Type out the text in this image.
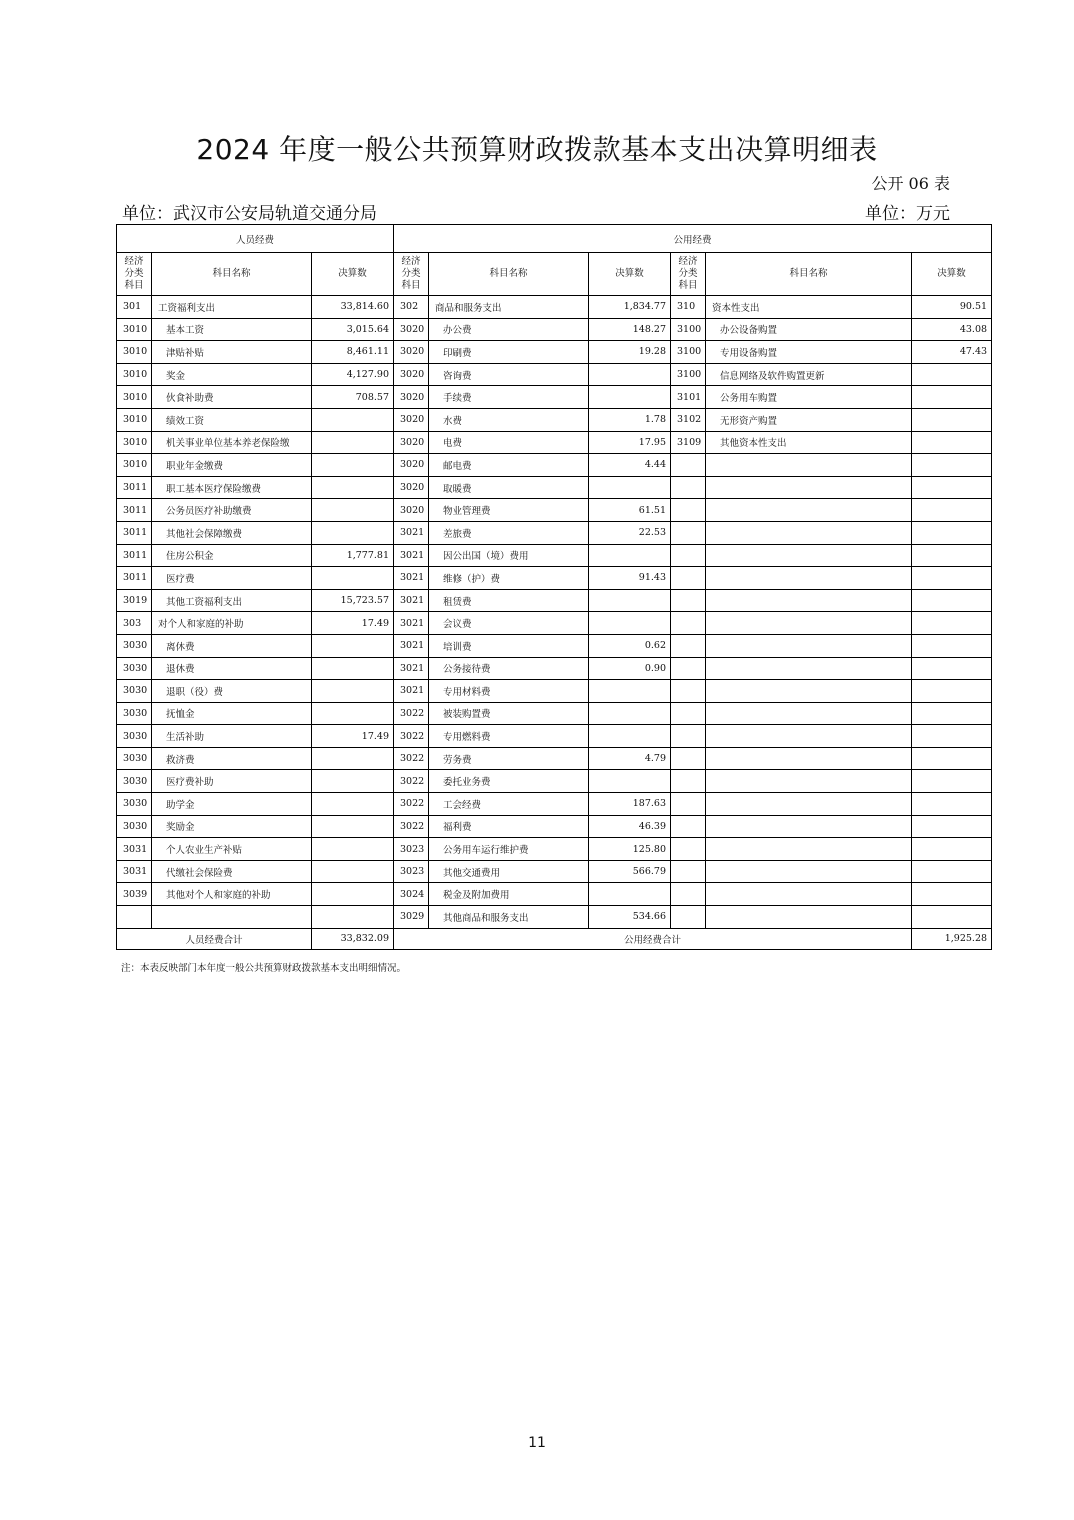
2024 年度一般公共预算财政拨款基本支出决算明细表
公开 06 表
单位：武汉市公安局轨道交通分局	单位：万元
人员经费			公用经费					
经济
分类
科目	科目名称	决算数	经济
分类
科目	科目名称	决算数	经济
分类
科目	科目名称	决算数
301	工资福利支出	33,814.60	302	商品和服务支出	1,834.77	310	资本性支出	90.51
3010	基本工资	3,015.64	3020	办公费	148.27	3100	办公设备购置	43.08
3010	津贴补贴	8,461.11	3020	印刷费	19.28	3100	专用设备购置	47.43
3010	奖金	4,127.90	3020	咨询费		3100	信息网络及软件购置更新	
3010	伙食补助费	708.57	3020	手续费		3101	公务用车购置	
3010	绩效工资		3020	水费	1.78	3102	无形资产购置	
3010	机关事业单位基本养老保险缴		3020	电费	17.95	3109	其他资本性支出	
3010	职业年金缴费		3020	邮电费	4.44			
3011	职工基本医疗保险缴费		3020	取暖费				
3011	公务员医疗补助缴费		3020	物业管理费	61.51			
3011	其他社会保障缴费		3021	差旅费	22.53			
3011	住房公积金	1,777.81	3021	因公出国（境）费用				
3011	医疗费		3021	维修（护）费	91.43			
3019	其他工资福利支出	15,723.57	3021	租赁费				
303	对个人和家庭的补助	17.49	3021	会议费				
3030	离休费		3021	培训费	0.62			
3030	退休费		3021	公务接待费	0.90			
3030	退职（役）费		3021	专用材料费				
3030	抚恤金		3022	被装购置费				
3030	生活补助	17.49	3022	专用燃料费				
3030	救济费		3022	劳务费	4.79			
3030	医疗费补助		3022	委托业务费				
3030	助学金		3022	工会经费	187.63			
3030	奖励金		3022	福利费	46.39			
3031	个人农业生产补贴		3023	公务用车运行维护费	125.80			
3031	代缴社会保险费		3023	其他交通费用	566.79			
3039	其他对个人和家庭的补助		3024	税金及附加费用				
			3029	其他商品和服务支出	534.66			
人员经费合计		33,832.09	公用经费合计					1,925.28
注：本表反映部门本年度一般公共预算财政拨款基本支出明细情况。
11
